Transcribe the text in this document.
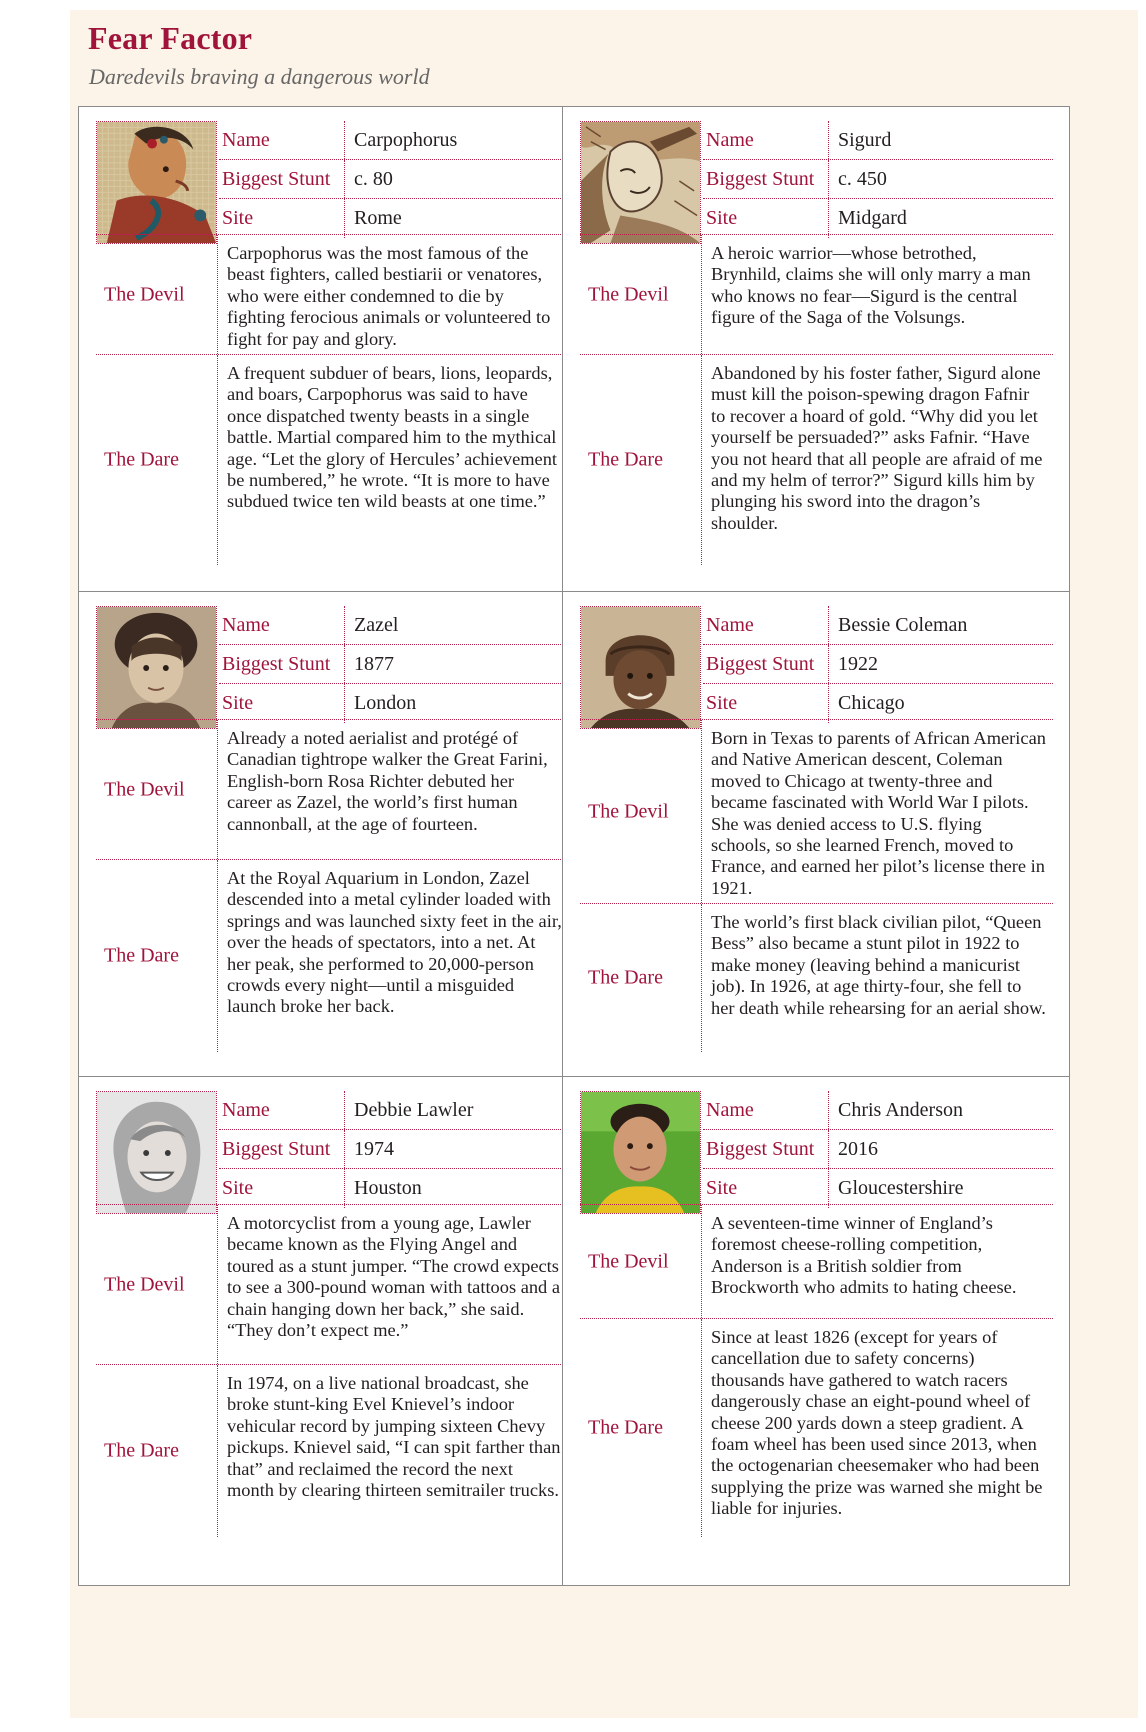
Fear Factor

Daredevils braving a dangerous world

Name	Carpophorus
Biggest Stunt	c. 80
Site	Rome
The Devil
Carpophorus was the most famous of the beast fighters, called bestiarii or venatores, who were either condemned to die by fighting ferocious animals or volunteered to fight for pay and glory.
The Dare
A frequent subduer of bears, lions, leopards, and boars, Carpophorus was said to have once dispatched twenty beasts in a single battle. Martial compared him to the mythical age. “Let the glory of Hercules’ achievement be numbered,” he wrote. “It is more to have subdued twice ten wild beasts at one time.”
Name	Sigurd
Biggest Stunt	c. 450
Site	Midgard
The Devil
A heroic warrior—whose betrothed, Brynhild, claims she will only marry a man who knows no fear—Sigurd is the central figure of the Saga of the Volsungs.
The Dare
Abandoned by his foster father, Sigurd alone must kill the poison-spewing dragon Fafnir to recover a hoard of gold. “Why did you let yourself be persuaded?” asks Fafnir. “Have you not heard that all people are afraid of me and my helm of terror?” Sigurd kills him by plunging his sword into the dragon’s shoulder.
Name	Zazel
Biggest Stunt	1877
Site	London
The Devil
Already a noted aerialist and protégé of Canadian tightrope walker the Great Farini, English-born Rosa Richter debuted her career as Zazel, the world’s first human cannonball, at the age of fourteen.
The Dare
At the Royal Aquarium in London, Zazel descended into a metal cylinder loaded with springs and was launched sixty feet in the air, over the heads of spectators, into a net. At her peak, she performed to 20,000-person crowds every night—until a misguided launch broke her back.
Name	Bessie Coleman
Biggest Stunt	1922
Site	Chicago
The Devil
Born in Texas to parents of African American and Native American descent, Coleman moved to Chicago at twenty-three and became fascinated with World War I pilots. She was denied access to U.S. flying schools, so she learned French, moved to France, and earned her pilot’s license there in 1921.
The Dare
The world’s first black civilian pilot, “Queen Bess” also became a stunt pilot in 1922 to make money (leaving behind a manicurist job). In 1926, at age thirty-four, she fell to her death while rehearsing for an aerial show.
Name	Debbie Lawler
Biggest Stunt	1974
Site	Houston
The Devil
A motorcyclist from a young age, Lawler became known as the Flying Angel and toured as a stunt jumper. “The crowd expects to see a 300-pound woman with tattoos and a chain hanging down her back,” she said. “They don’t expect me.”
The Dare
In 1974, on a live national broadcast, she broke stunt-king Evel Knievel’s indoor vehicular record by jumping sixteen Chevy pickups. Knievel said, “I can spit farther than that” and reclaimed the record the next month by clearing thirteen semitrailer trucks.
Name	Chris Anderson
Biggest Stunt	2016
Site	Gloucestershire
The Devil
A seventeen-time winner of England’s foremost cheese-rolling competition, Anderson is a British soldier from Brockworth who admits to hating cheese.
The Dare
Since at least 1826 (except for years of cancellation due to safety concerns) thousands have gathered to watch racers dangerously chase an eight-pound wheel of cheese 200 yards down a steep gradient. A foam wheel has been used since 2013, when the octogenarian cheesemaker who had been supplying the prize was warned she might be liable for injuries.
